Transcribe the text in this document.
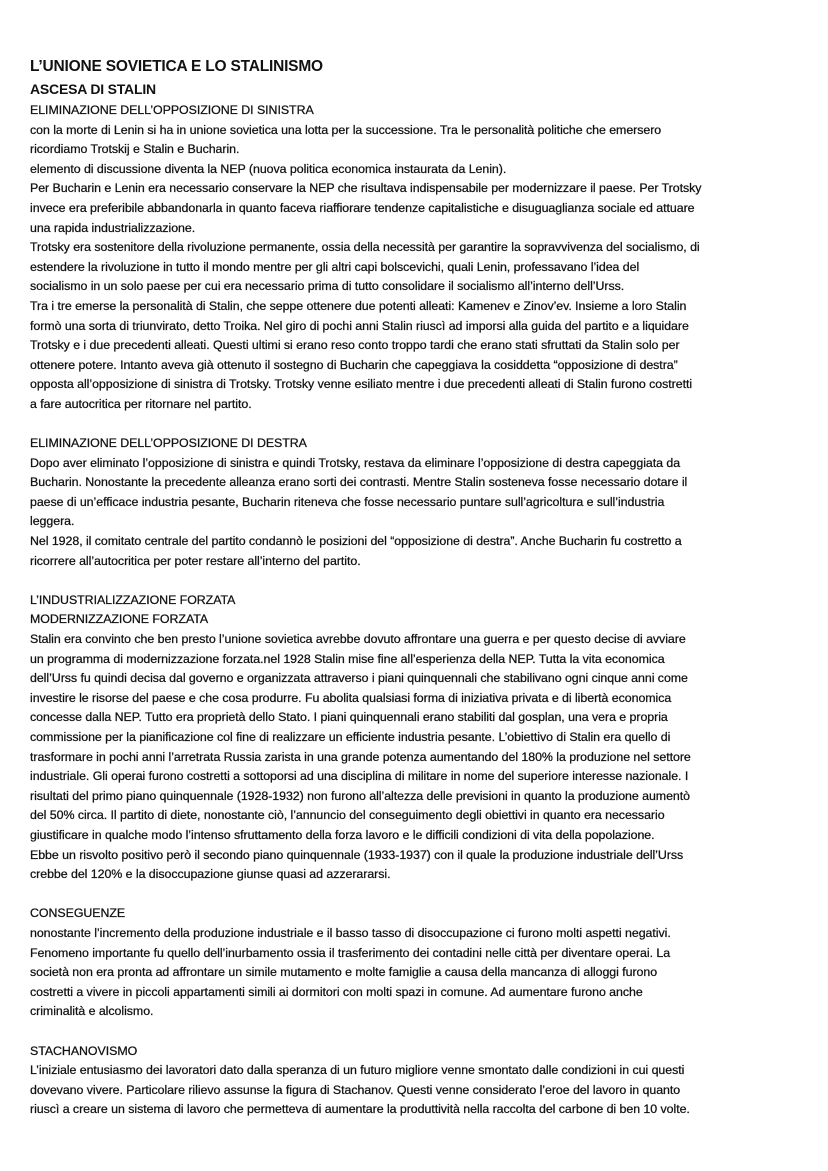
L’UNIONE SOVIETICA E LO STALINISMO
ASCESA DI STALIN
ELIMINAZIONE DELL’OPPOSIZIONE DI SINISTRA
con la morte di Lenin si ha in unione sovietica una lotta per la successione. Tra le personalità politiche che emersero
ricordiamo Trotskij e Stalin e Bucharin.
elemento di discussione diventa la NEP (nuova politica economica instaurata da Lenin).
Per Bucharin e Lenin era necessario conservare la NEP che risultava indispensabile per modernizzare il paese. Per Trotsky
invece era preferibile abbandonarla in quanto faceva riaffiorare tendenze capitalistiche e disuguaglianza sociale ed attuare
una rapida industrializzazione.
Trotsky era sostenitore della rivoluzione permanente, ossia della necessità per garantire la sopravvivenza del socialismo, di
estendere la rivoluzione in tutto il mondo mentre per gli altri capi bolscevichi, quali Lenin, professavano l’idea del
socialismo in un solo paese per cui era necessario prima di tutto consolidare il socialismo all’interno dell’Urss.
Tra i tre emerse la personalità di Stalin, che seppe ottenere due potenti alleati: Kamenev e Zinov’ev. Insieme a loro Stalin
formò una sorta di triunvirato, detto Troika. Nel giro di pochi anni Stalin riuscì ad imporsi alla guida del partito e a liquidare
Trotsky e i due precedenti alleati. Questi ultimi si erano reso conto troppo tardi che erano stati sfruttati da Stalin solo per
ottenere potere. Intanto aveva già ottenuto il sostegno di Bucharin che capeggiava la cosiddetta “opposizione di destra”
opposta all’opposizione di sinistra di Trotsky. Trotsky venne esiliato mentre i due precedenti alleati di Stalin furono costretti
a fare autocritica per ritornare nel partito.
ELIMINAZIONE DELL’OPPOSIZIONE DI DESTRA
Dopo aver eliminato l’opposizione di sinistra e quindi Trotsky, restava da eliminare l’opposizione di destra capeggiata da
Bucharin. Nonostante la precedente alleanza erano sorti dei contrasti. Mentre Stalin sosteneva fosse necessario dotare il
paese di un’efficace industria pesante, Bucharin riteneva che fosse necessario puntare sull’agricoltura e sull’industria
leggera.
Nel 1928, il comitato centrale del partito condannò le posizioni del “opposizione di destra”. Anche Bucharin fu costretto a
ricorrere all’autocritica per poter restare all’interno del partito.
L’INDUSTRIALIZZAZIONE FORZATA
MODERNIZZAZIONE FORZATA
Stalin era convinto che ben presto l’unione sovietica avrebbe dovuto affrontare una guerra e per questo decise di avviare
un programma di modernizzazione forzata.nel 1928 Stalin mise fine all’esperienza della NEP. Tutta la vita economica
dell’Urss fu quindi decisa dal governo e organizzata attraverso i piani quinquennali che stabilivano ogni cinque anni come
investire le risorse del paese e che cosa produrre. Fu abolita qualsiasi forma di iniziativa privata e di libertà economica
concesse dalla NEP. Tutto era proprietà dello Stato. I piani quinquennali erano stabiliti dal gosplan, una vera e propria
commissione per la pianificazione col fine di realizzare un efficiente industria pesante. L’obiettivo di Stalin era quello di
trasformare in pochi anni l’arretrata Russia zarista in una grande potenza aumentando del 180% la produzione nel settore
industriale. Gli operai furono costretti a sottoporsi ad una disciplina di militare in nome del superiore interesse nazionale. I
risultati del primo piano quinquennale (1928-1932) non furono all’altezza delle previsioni in quanto la produzione aumentò
del 50% circa. Il partito di diete, nonostante ciò, l’annuncio del conseguimento degli obiettivi in quanto era necessario
giustificare in qualche modo l’intenso sfruttamento della forza lavoro e le difficili condizioni di vita della popolazione.
Ebbe un risvolto positivo però il secondo piano quinquennale (1933-1937) con il quale la produzione industriale dell’Urss
crebbe del 120% e la disoccupazione giunse quasi ad azzerararsi.
CONSEGUENZE
nonostante l’incremento della produzione industriale e il basso tasso di disoccupazione ci furono molti aspetti negativi.
Fenomeno importante fu quello dell’inurbamento ossia il trasferimento dei contadini nelle città per diventare operai. La
società non era pronta ad affrontare un simile mutamento e molte famiglie a causa della mancanza di alloggi furono
costretti a vivere in piccoli appartamenti simili ai dormitori con molti spazi in comune. Ad aumentare furono anche
criminalità e alcolismo.
STACHANOVISMO
L’iniziale entusiasmo dei lavoratori dato dalla speranza di un futuro migliore venne smontato dalle condizioni in cui questi
dovevano vivere. Particolare rilievo assunse la figura di Stachanov. Questi venne considerato l’eroe del lavoro in quanto
riuscì a creare un sistema di lavoro che permetteva di aumentare la produttività nella raccolta del carbone di ben 10 volte.
